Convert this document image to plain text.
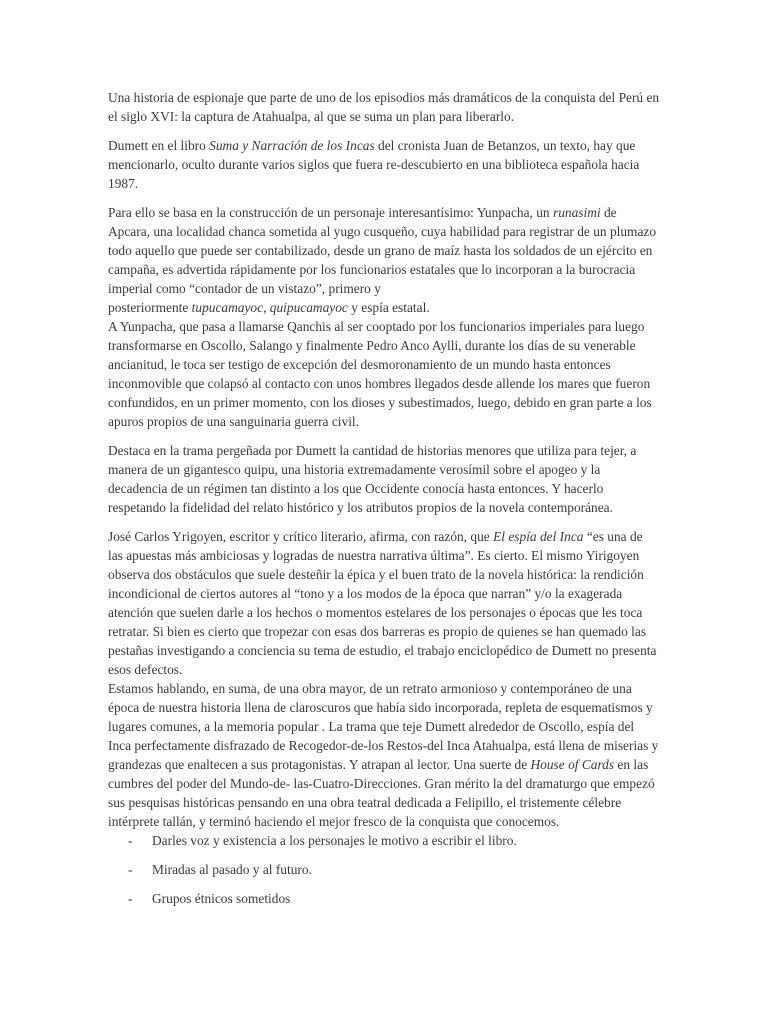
Una historia de espionaje que parte de uno de los episodios más dramáticos de la conquista del Perú en el siglo XVI: la captura de Atahualpa, al que se suma un plan para liberarlo.

Dumett en el libro Suma y Narración de los Incas del cronista Juan de Betanzos, un texto, hay que mencionarlo, oculto durante varios siglos que fuera re-descubierto en una biblioteca española hacia 1987.

Para ello se basa en la construcción de un personaje interesantísimo: Yunpacha, un runasimi de Apcara, una localidad chanca sometida al yugo cusqueño, cuya habilidad para registrar de un plumazo todo aquello que puede ser contabilizado, desde un grano de maíz hasta los soldados de un ejército en campaña, es advertida rápidamente por los funcionarios estatales que lo incorporan a la burocracia imperial como “contador de un vistazo”, primero y
posteriormente tupucamayoc, quipucamayoc y espía estatal.

A Yunpacha, que pasa a llamarse Qanchis al ser cooptado por los funcionarios imperiales para luego transformarse en Oscollo, Salango y finalmente Pedro Anco Aylli, durante los días de su venerable ancianitud, le toca ser testigo de excepción del desmoronamiento de un mundo hasta entonces inconmovible que colapsó al contacto con unos hombres llegados desde allende los mares que fueron confundidos, en un primer momento, con los dioses y subestimados, luego, debido en gran parte a los apuros propios de una sanguinaria guerra civil.

Destaca en la trama pergeñada por Dumett la cantidad de historias menores que utiliza para tejer, a manera de un gigantesco quipu, una historia extremadamente verosímil sobre el apogeo y la decadencia de un régimen tan distinto a los que Occidente conocía hasta entonces. Y hacerlo respetando la fidelidad del relato histórico y los atributos propios de la novela contemporánea.

José Carlos Yrigoyen, escritor y crítico literario, afirma, con razón, que El espía del Inca “es una de las apuestas más ambiciosas y logradas de nuestra narrativa última”. Es cierto. El mismo Yirigoyen observa dos obstáculos que suele desteñir la épica y el buen trato de la novela histórica: la rendición incondicional de ciertos autores al “tono y a los modos de la época que narran” y/o la exagerada atención que suelen darle a los hechos o momentos estelares de los personajes o épocas que les toca retratar. Si bien es cierto que tropezar con esas dos barreras es propio de quienes se han quemado las pestañas investigando a conciencia su tema de estudio, el trabajo enciclopédico de Dumett no presenta esos defectos.

Estamos hablando, en suma, de una obra mayor, de un retrato armonioso y contemporáneo de una época de nuestra historia llena de claroscuros que había sido incorporada, repleta de esquematismos y lugares comunes, a la memoria popular . La trama que teje Dumett alrededor de Oscollo, espía del Inca perfectamente disfrazado de Recogedor-de-los Restos-del Inca Atahualpa, está llena de miserias y grandezas que enaltecen a sus protagonistas. Y atrapan al lector. Una suerte de House of Cards en las cumbres del poder del Mundo-de- las-Cuatro-Direcciones. Gran mérito la del dramaturgo que empezó sus pesquisas históricas pensando en una obra teatral dedicada a Felipillo, el tristemente célebre intérprete tallán, y terminó haciendo el mejor fresco de la conquista que conocemos.

- Darles voz y existencia a los personajes le motivo a escribir el libro.
- Miradas al pasado y al futuro.
- Grupos étnicos sometidos
